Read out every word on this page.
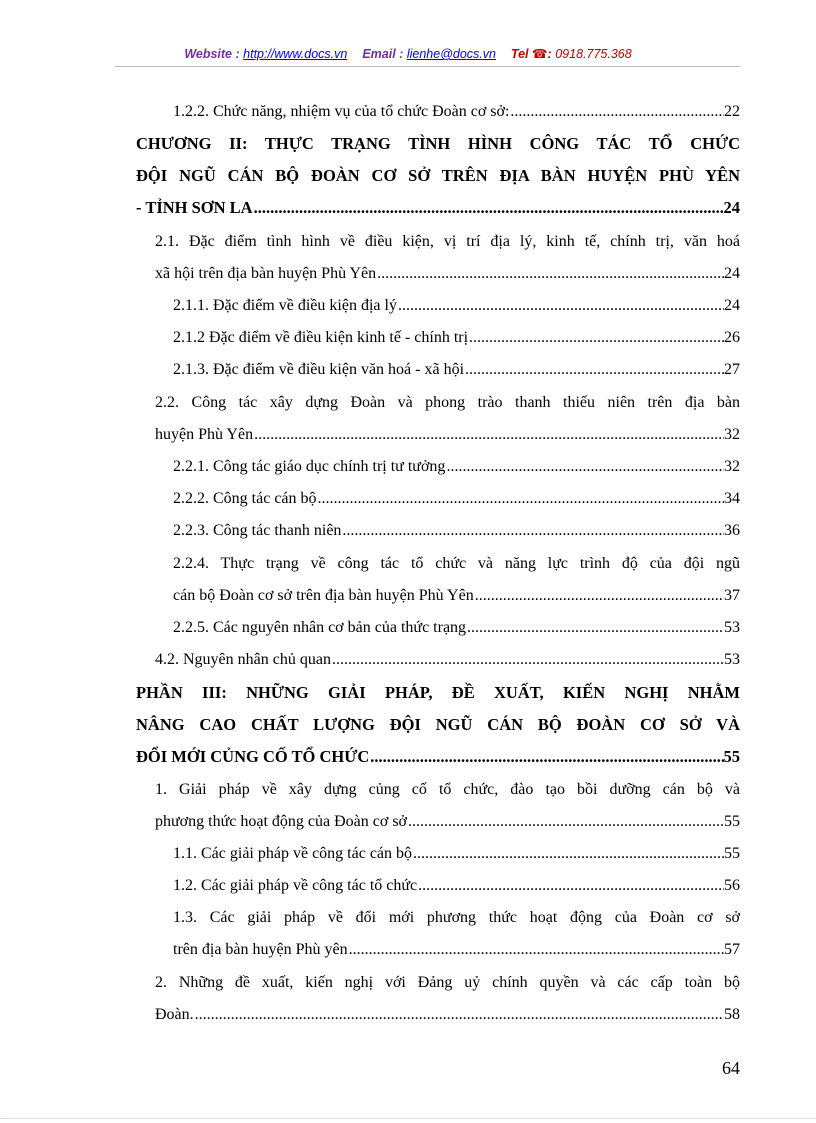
Website : http://www.docs.vn Email : lienhe@docs.vn Tel ☎: 0918.775.368
1.2.2. Chức năng, nhiệm vụ của tổ chức Đoàn cơ sở: .....	22
CHƯƠNG II: THỰC TRẠNG TÌNH HÌNH CÔNG TÁC TỔ CHỨC
ĐỘI NGŨ CÁN BỘ ĐOÀN CƠ SỞ TRÊN ĐỊA BÀN HUYỆN PHÙ YÊN
- TỈNH SƠN LA .....	24
2.1. Đặc điểm tình hình về điều kiện, vị trí địa lý, kinh tế, chính trị, văn hoá
xã hội trên địa bàn huyện Phù Yên .....	24
2.1.1. Đặc điểm về điều kiện địa lý .....	24
2.1.2 Đặc điểm về điều kiện kinh tế - chính trị .....	26
2.1.3. Đặc điểm về điều kiện văn hoá - xã hội .....	27
2.2. Công tác xây dựng Đoàn và phong trào thanh thiếu niên trên địa bàn
huyện Phù Yên .....	32
2.2.1. Công tác giáo dục chính trị tư tưởng .....	32
2.2.2. Công tác cán bộ .....	34
2.2.3. Công tác thanh niên .....	36
2.2.4. Thực trạng về công tác tổ chức và năng lực trình độ của đội ngũ
cán bộ Đoàn cơ sở trên địa bàn huyện Phù Yên .....	37
2.2.5. Các nguyên nhân cơ bản của thức trạng .....	53
4.2. Nguyên nhân chủ quan .....	53
PHẦN III: NHỮNG GIẢI PHÁP, ĐỀ XUẤT, KIẾN NGHỊ NHẰM
NÂNG CAO CHẤT LƯỢNG ĐỘI NGŨ CÁN BỘ ĐOÀN CƠ SỞ VÀ
ĐỔI MỚI CỦNG CỐ TỔ CHỨC .....	55
1. Giải pháp về xây dựng củng cố tổ chức, đào tạo bồi dưỡng cán bộ và
phương thức hoạt động của Đoàn cơ sở .....	55
1.1. Các giải pháp về công tác cán bộ .....	55
1.2. Các giải pháp về công tác tổ chức .....	56
1.3. Các giải pháp về đổi mới phương thức hoạt động của Đoàn cơ sở
trên địa bàn huyện Phù yên .....	57
2. Những đề xuất, kiến nghị với Đảng uỷ chính quyền và các cấp toàn bộ
Đoàn. .....	58
64
